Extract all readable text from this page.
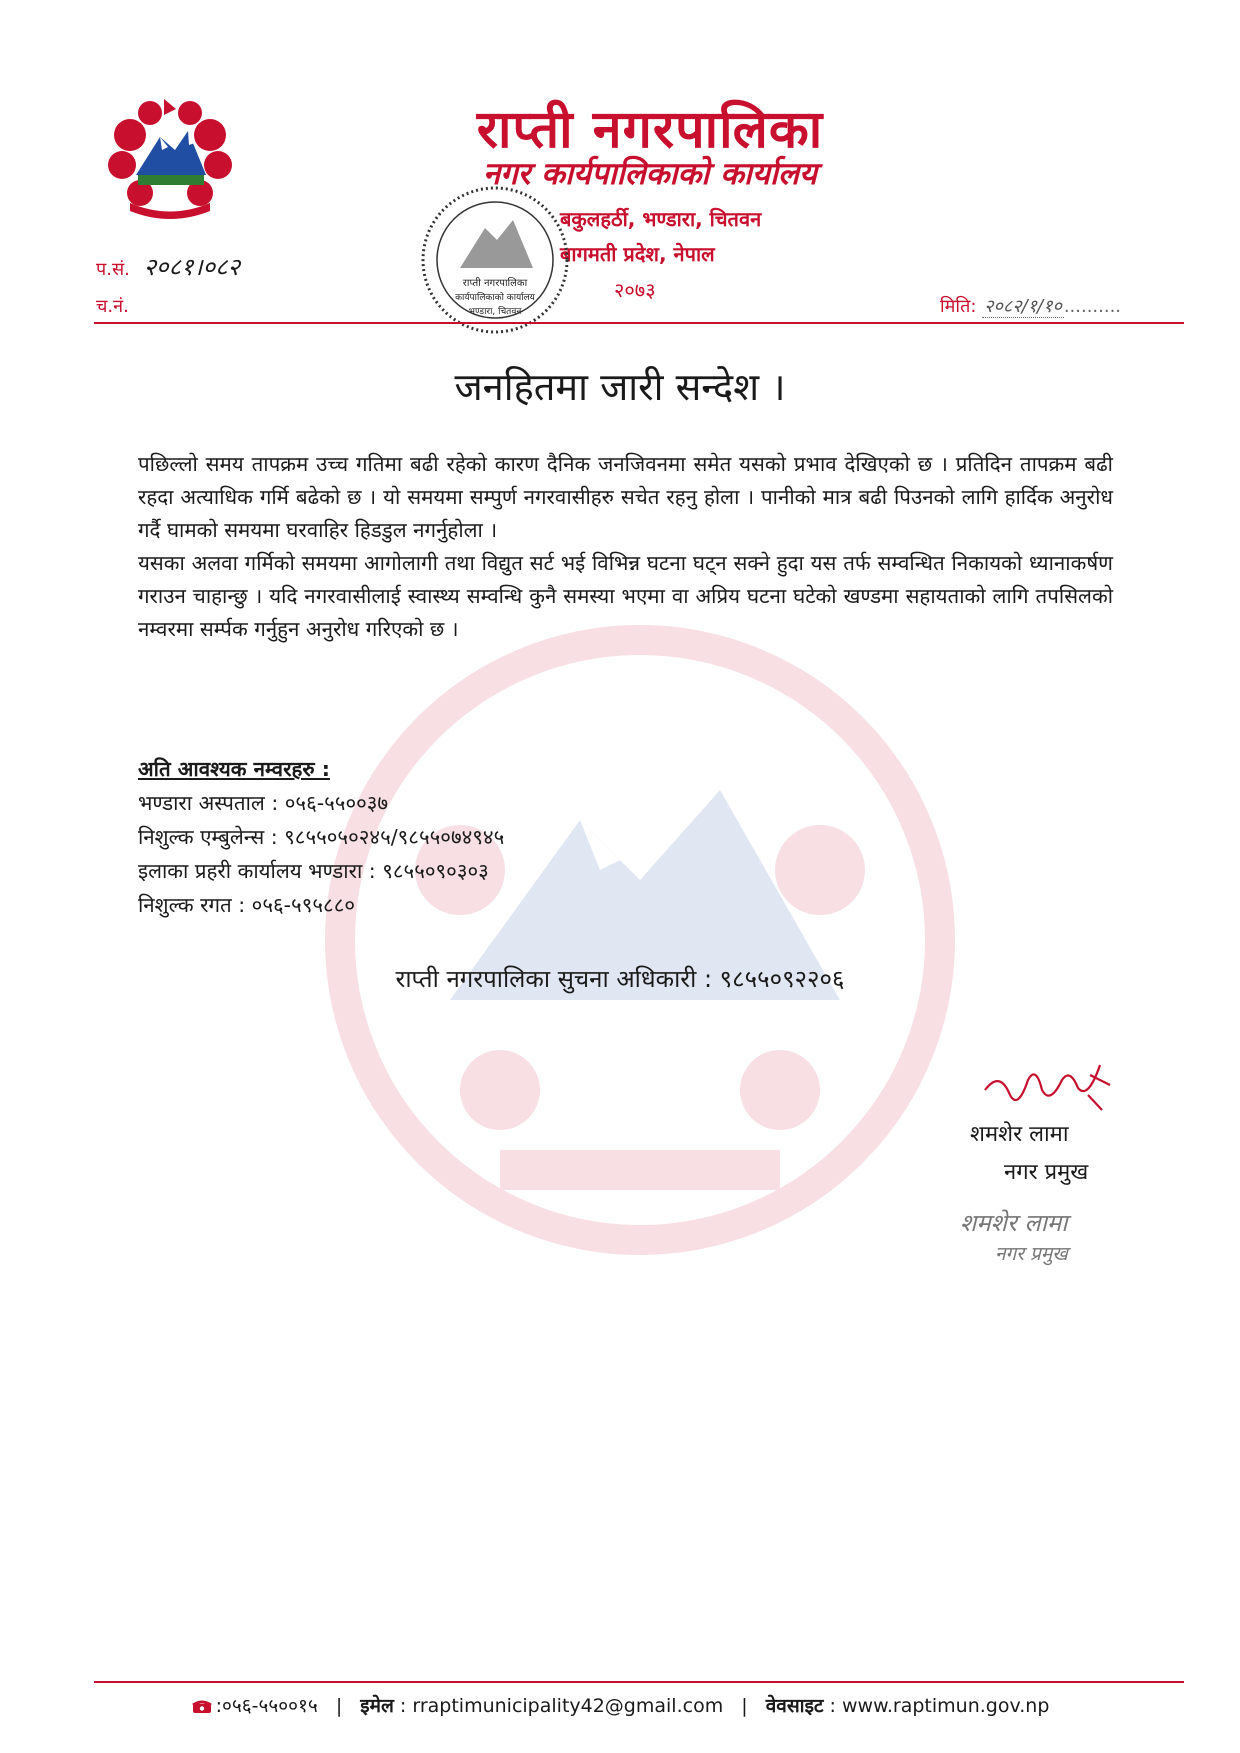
राप्ती नगरपालिका
नगर कार्यपालिकाको कार्यालय
बकुलहर्ठी, भण्डारा, चितवन
बागमती प्रदेश, नेपाल
२०७३
राप्ती नगरपालिका
कार्यपालिकाको कार्यालय
भण्डारा, चितवन
प.सं. २०८१।०८२
च.नं.	मिति: २०८२/१/१० ..........
जनहितमा जारी सन्देश ।

पछिल्लो समय तापक्रम उच्च गतिमा बढी रहेको कारण दैनिक जनजिवनमा समेत यसको प्रभाव देखिएको छ । प्रतिदिन तापक्रम बढी रहदा अत्याधिक गर्मि बढेको छ । यो समयमा सम्पुर्ण नगरवासीहरु सचेत रहनु होला । पानीको मात्र बढी पिउनको लागि हार्दिक अनुरोध गर्दै घामको समयमा घरवाहिर हिडडुल नगर्नुहोला ।

यसका अलवा गर्मिको समयमा आगोलागी तथा विद्युत सर्ट भई विभिन्न घटना घट्न सक्ने हुदा यस तर्फ सम्वन्धित निकायको ध्यानाकर्षण गराउन चाहान्छु । यदि नगरवासीलाई स्वास्थ्य सम्वन्धि कुनै समस्या भएमा वा अप्रिय घटना घटेको खण्डमा सहायताको लागि तपसिलको नम्वरमा सर्म्पक गर्नुहुन अनुरोध गरिएको छ ।

अति आवश्यक नम्वरहरु :
भण्डारा अस्पताल : ०५६-५५००३७
निशुल्क एम्बुलेन्स : ९८५५०५०२४५/९८५५०७४९४५
इलाका प्रहरी कार्यालय भण्डारा : ९८५५०९०३०३
निशुल्क रगत : ०५६-५९५८८०
राप्ती नगरपालिका सुचना अधिकारी : ९८५५०९२२०६
शमशेर लामा
नगर प्रमुख
शमशेर लामा
नगर प्रमुख
:०५६-५५००१५ | इमेल : rraptimunicipality42@gmail.com | वेवसाइट : www.raptimun.gov.np
